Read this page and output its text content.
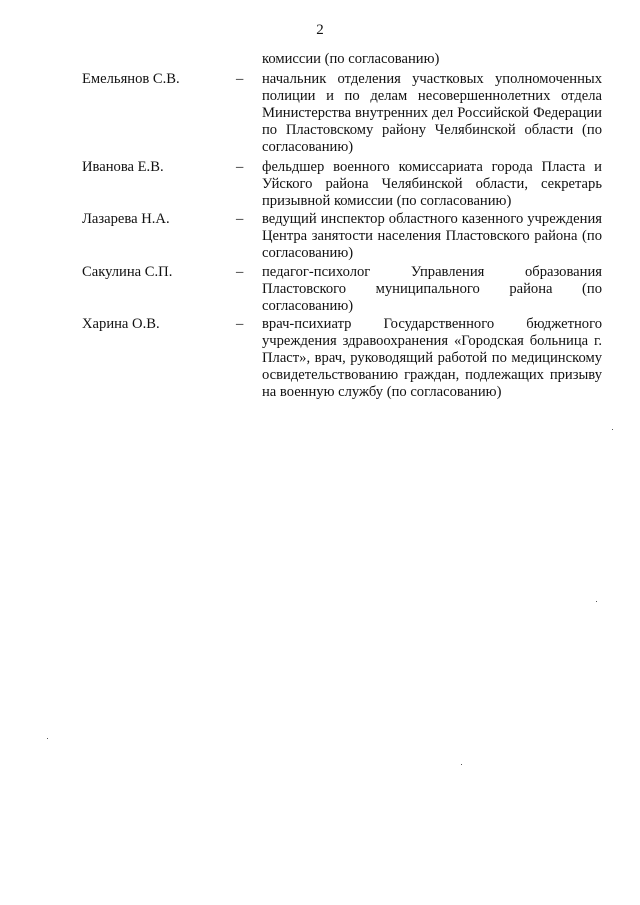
2
комиссии (по согласованию)
Емельянов С.В.	– начальник отделения участковых уполномоченных полиции и по делам несовершеннолетних отдела Министерства внутренних дел Российской Федерации по Пластовскому району Челябинской области (по согласованию)
Иванова Е.В.	– фельдшер военного комиссариата города Пласта и Уйского района Челябинской области, секретарь призывной комиссии (по согласованию)
Лазарева Н.А.	– ведущий инспектор областного казенного учреждения Центра занятости населения Пластовского района (по согласованию)
Сакулина С.П.	– педагог-психолог Управления образования Пластовского муниципального района (по согласованию)
Харина О.В.	– врач-психиатр Государственного бюджетного учреждения здравоохранения «Городская больница г. Пласт», врач, руководящий работой по медицинскому освидетельствованию граждан, подлежащих призыву на военную службу (по согласованию)
